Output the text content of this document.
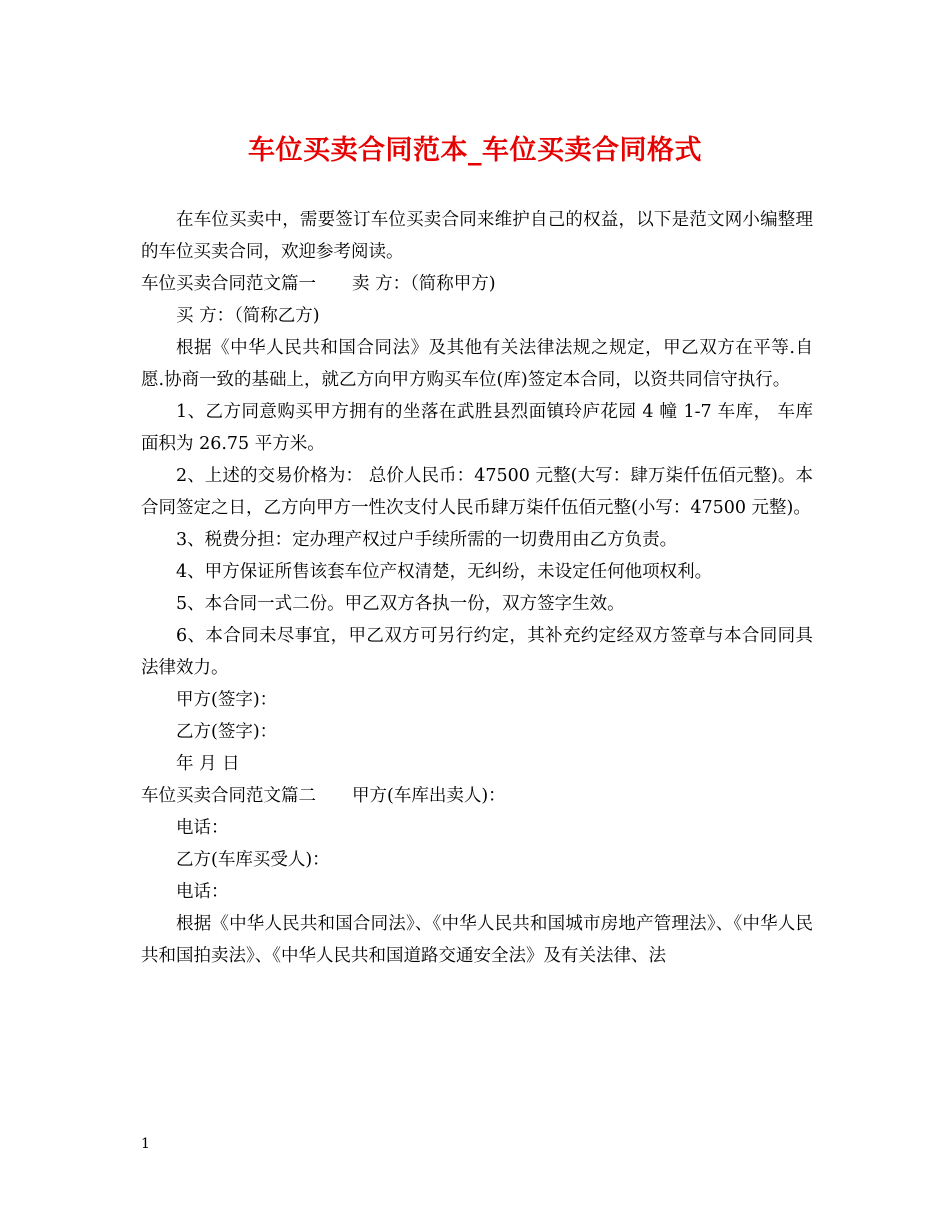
车位买卖合同范本_车位买卖合同格式

在车位买卖中，需要签订车位买卖合同来维护自己的权益，以下是范文网小编整理的车位买卖合同，欢迎参考阅读。

车位买卖合同范文篇一 卖 方：（简称甲方)

买 方：（简称乙方)

根据《中华人民共和国合同法》及其他有关法律法规之规定，甲乙双方在平等.自愿.协商一致的基础上，就乙方向甲方购买车位(库)签定本合同，以资共同信守执行。

1、乙方同意购买甲方拥有的坐落在武胜县烈面镇玲庐花园 4 幢 1-7 车库， 车库面积为 26.75 平方米。

2、上述的交易价格为： 总价人民币：47500 元整(大写：肆万柒仟伍佰元整)。本合同签定之日，乙方向甲方一性次支付人民币肆万柒仟伍佰元整(小写：47500 元整)。

3、税费分担：定办理产权过户手续所需的一切费用由乙方负责。

4、甲方保证所售该套车位产权清楚，无纠纷，未设定任何他项权利。

5、本合同一式二份。甲乙双方各执一份，双方签字生效。

6、本合同未尽事宜，甲乙双方可另行约定，其补充约定经双方签章与本合同同具法律效力。

甲方(签字)：

乙方(签字)：

年 月 日

车位买卖合同范文篇二 甲方(车库出卖人)：

电话：

乙方(车库买受人)：

电话：

根据《中华人民共和国合同法》、《中华人民共和国城市房地产管理法》、《中华人民共和国拍卖法》、《中华人民共和国道路交通安全法》及有关法律、法

1
